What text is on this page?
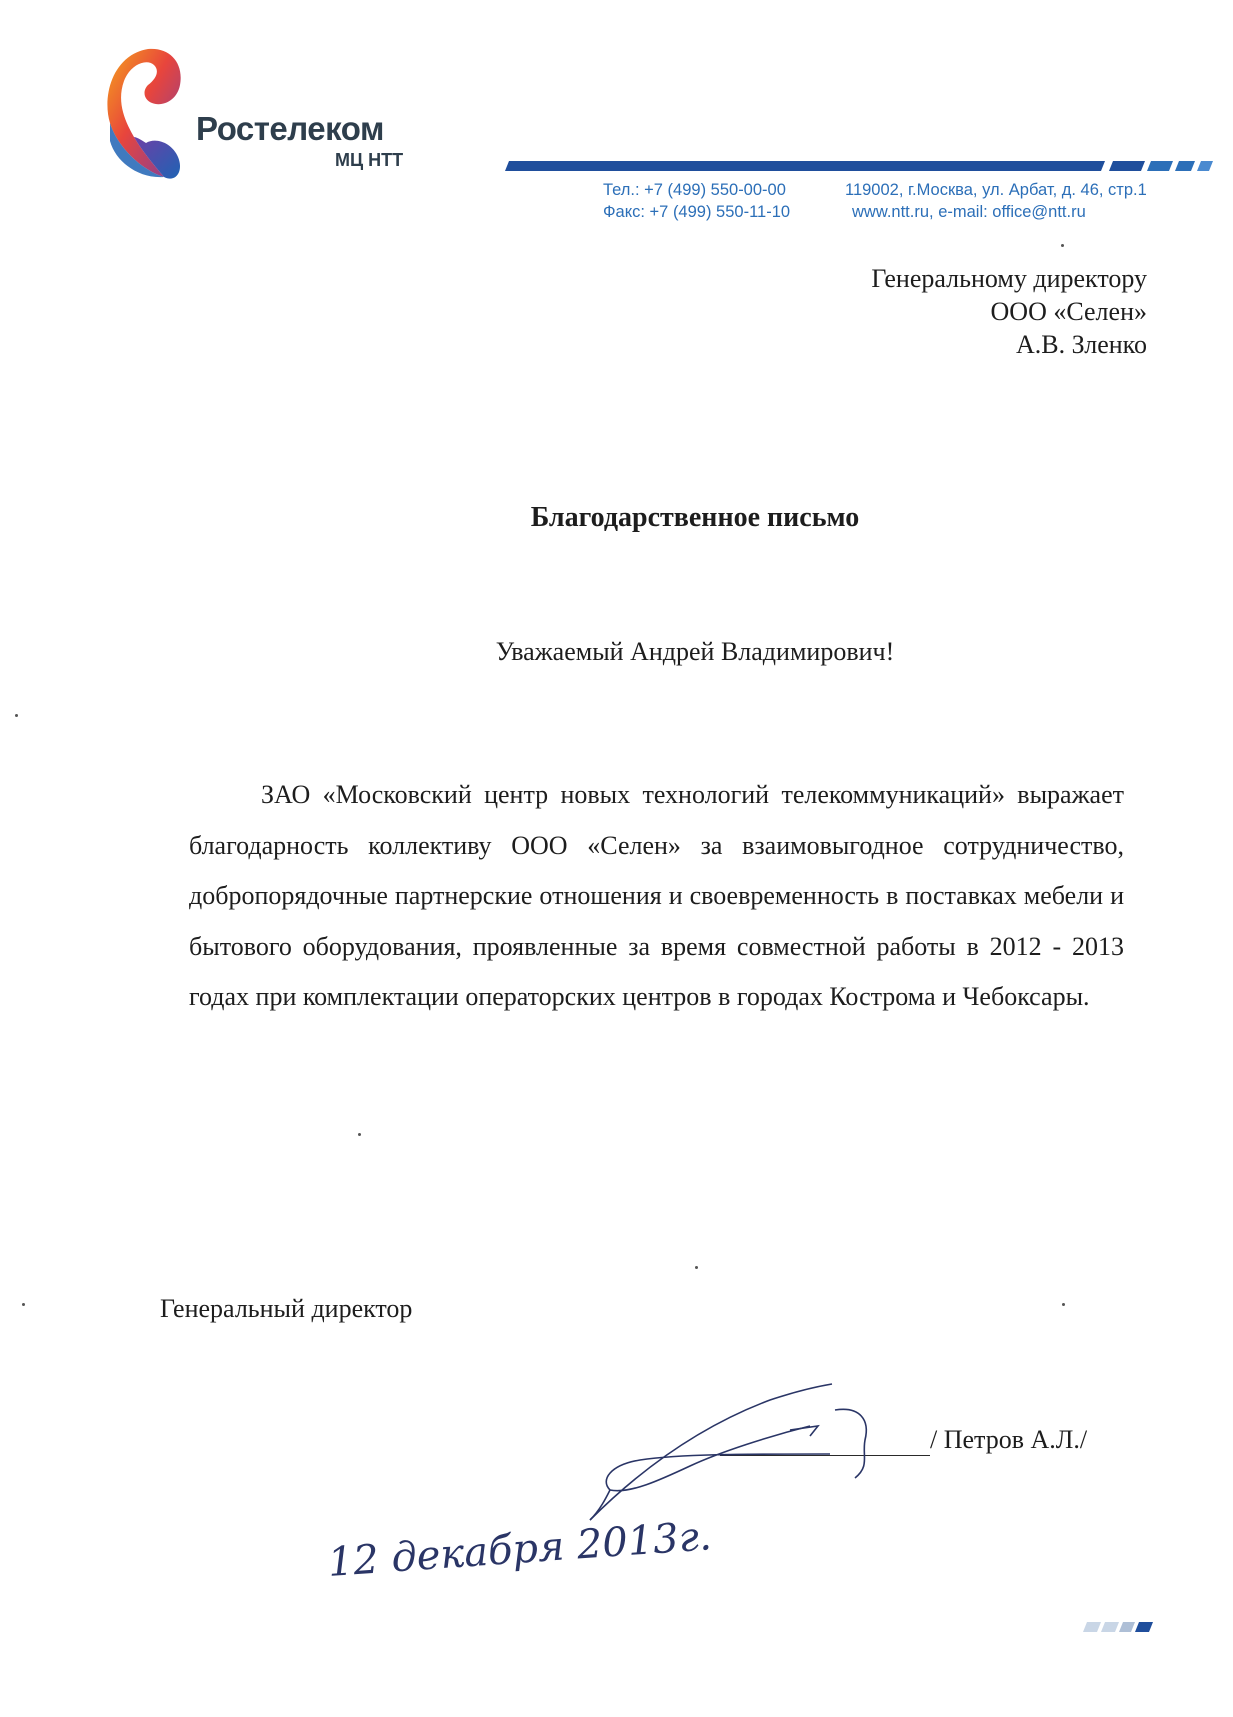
Ростелеком
МЦ НТТ
Тел.: +7 (499) 550-00-00
Факс: +7 (499) 550-11-10
119002, г.Москва, ул. Арбат, д. 46, стр.1
www.ntt.ru, e-mail: office@ntt.ru
Генеральному директору
ООО «Селен»
А.В. Зленко
Благодарственное письмо
Уважаемый Андрей Владимирович!
ЗАО «Московский центр новых технологий телекоммуникаций» выражает благодарность коллективу ООО «Селен» за взаимовыгодное сотрудничество, добропорядочные партнерские отношения и своевременность в поставках мебели и бытового оборудования, проявленные за время совместной работы в 2012 - 2013 годах при комплектации операторских центров в городах Кострома и Чебоксары.
Генеральный директор
/ Петров А.Л./
12 декабря 2013г.
